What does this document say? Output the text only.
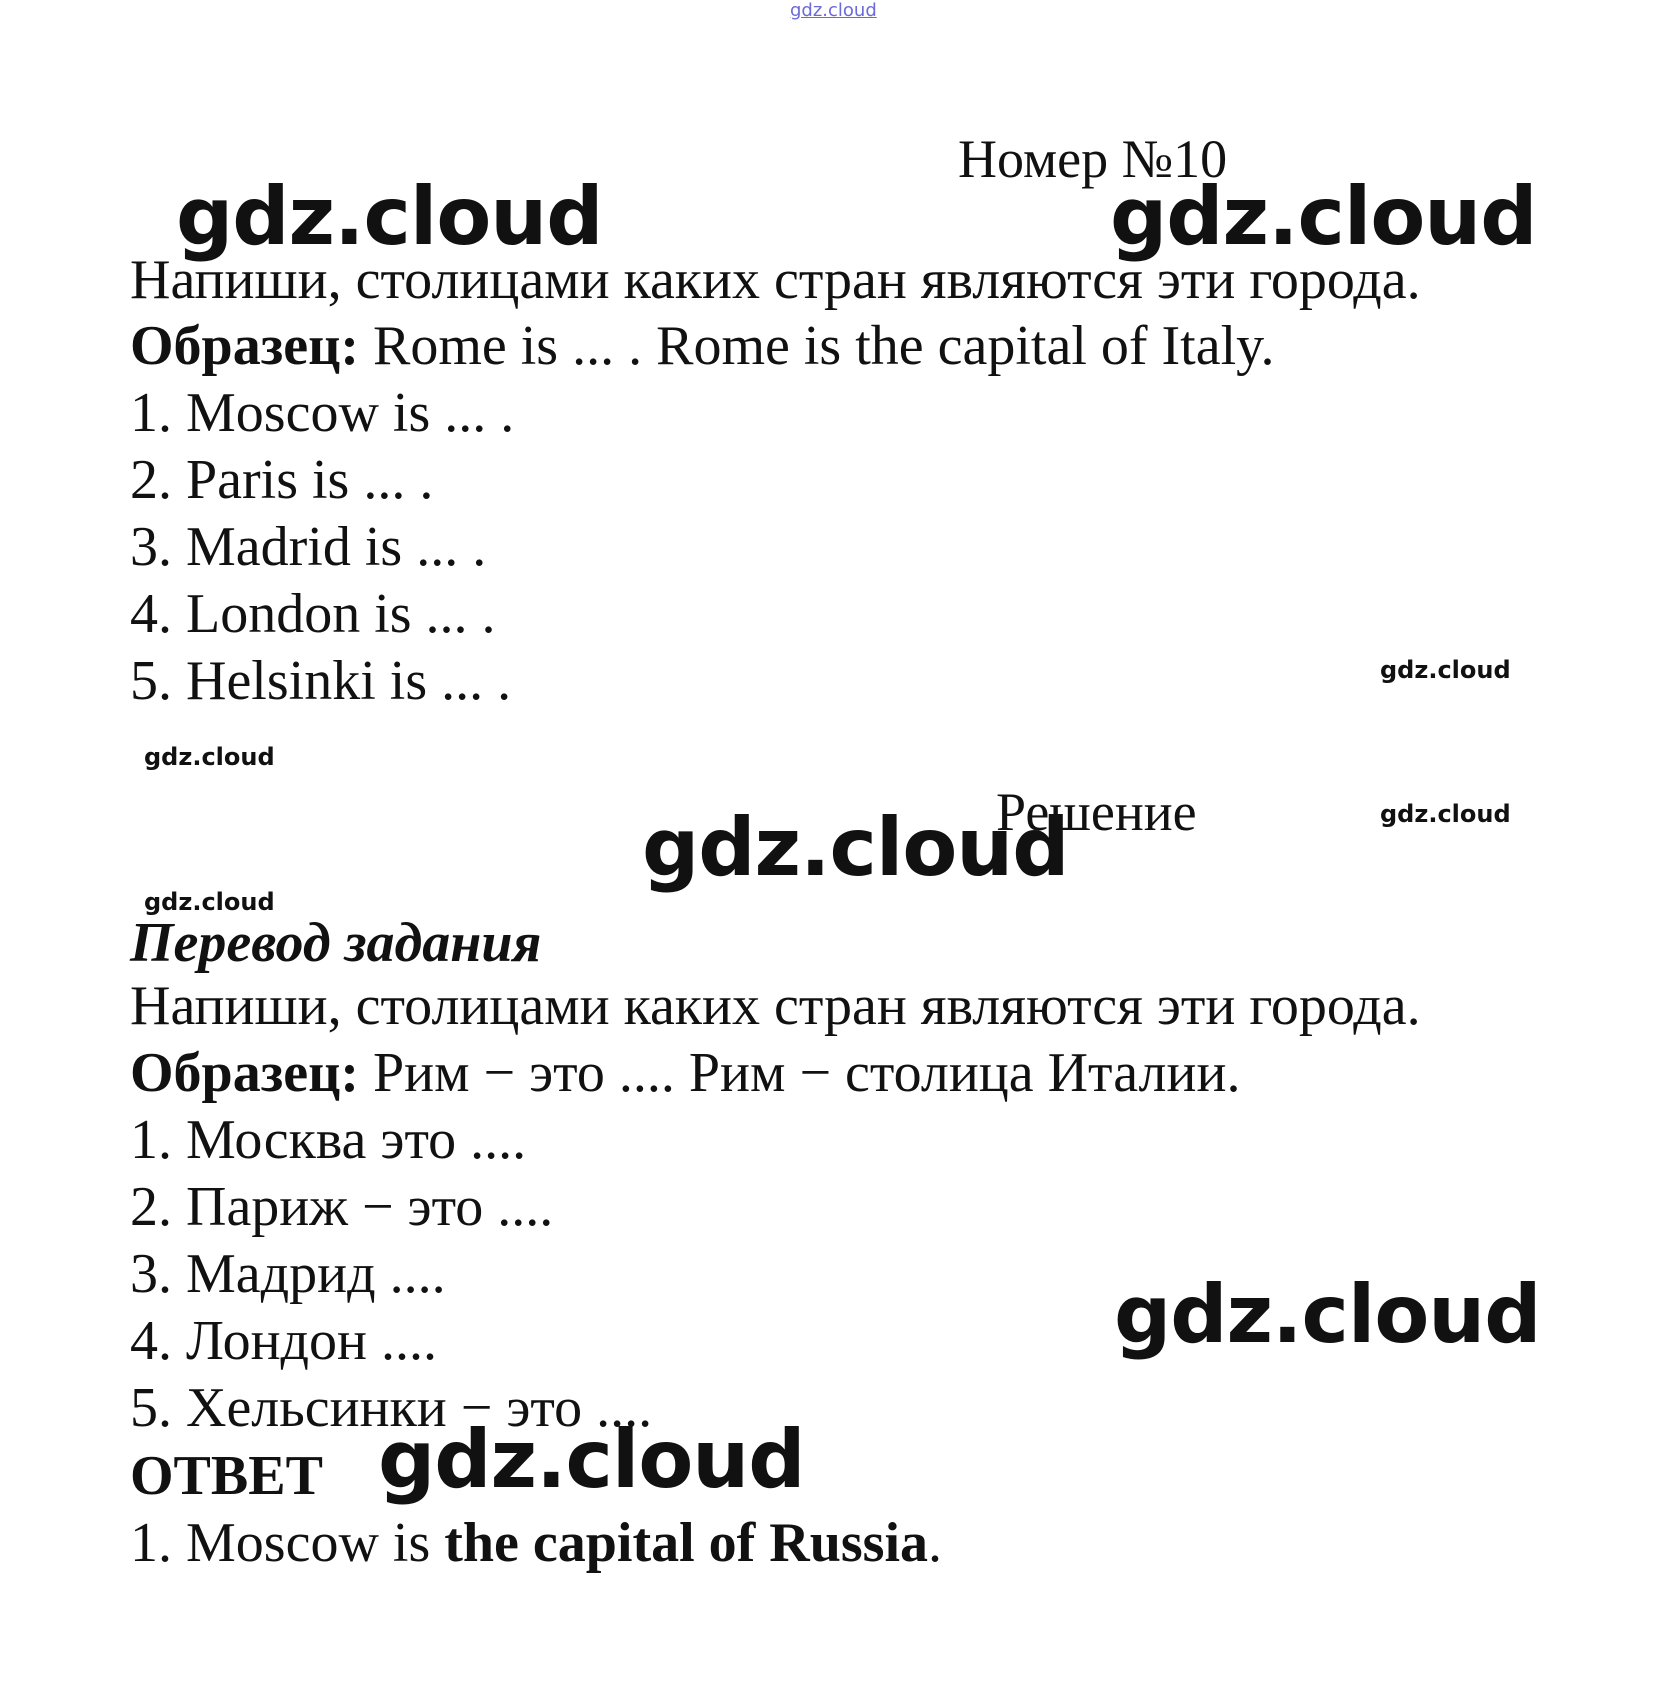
gdz.cloud
Номер №10
gdz.cloud	gdz.cloud
Напиши, столицами каких стран являются эти города.
Образец: Rome is ... . Rome is the capital of Italy.
1. Moscow is ... .
2. Paris is ... .
3. Madrid is ... .
4. London is ... .
5. Helsinki is ... .	gdz.cloud
gdz.cloud
Решение	gdz.cloud
gdz.cloud
gdz.cloud
Перевод задания
Напиши, столицами каких стран являются эти города.
Образец: Рим − это .... Рим − столица Италии.
1. Москва это ....
2. Париж − это ....
3. Мадрид ....
4. Лондон ....
5. Хельсинки − это ....
gdz.cloud
ОТВЕТ gdz.cloud
1. Moscow is the capital of Russia.
